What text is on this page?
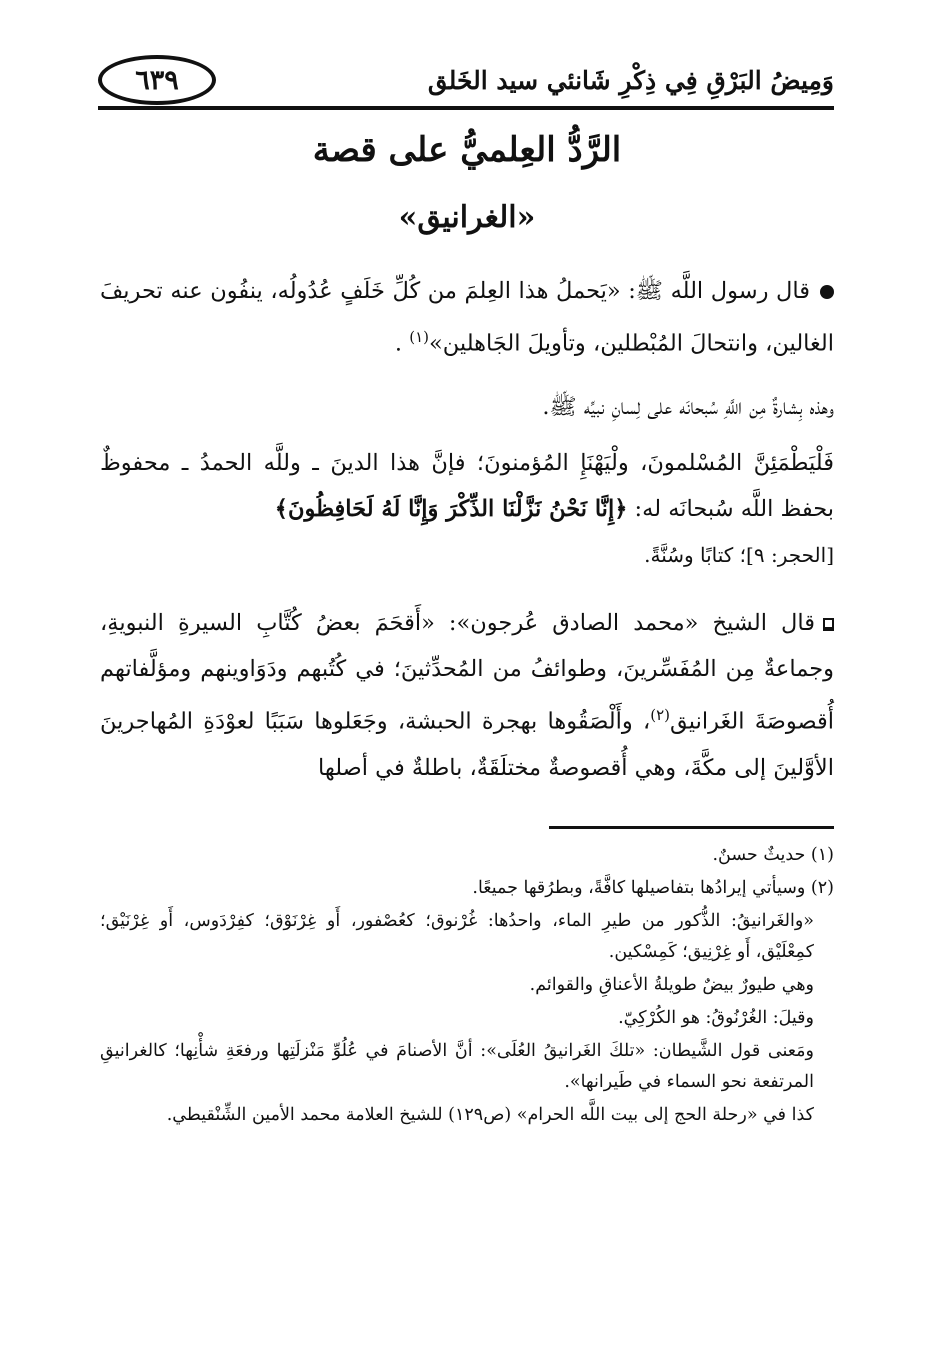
وَمِيضُ البَرْقِ فِي ذِكْرِ شَانئي سيد الخَلق
٦٣٩
الرَّدُّ العِلميُّ على قصة
«الغرانيق»
قال رسول اللَّه ﷺ: «يَحملُ هذا العِلمَ من كُلِّ خَلَفٍ عُدُولُه، ينفُون عنه تحريفَ الغالين، وانتحالَ المُبْطلين، وتأويلَ الجَاهلين»$^{(١)}$ .
وهذه بِشارةٌ مِن اللَّهِ سُبحانَه على لِسانِ نبيِّه ﷺ.
فَلْيَطْمَئِنَّ المُسْلمونَ، ولْيَهْنَإِ المُؤمنونَ؛ فإنَّ هذا الدينَ ـ وللَّه الحمدُ ـ محفوظٌ بحفظ اللَّه سُبحانَه له: ﴿إِنَّا نَحْنُ نَزَّلْنَا الذِّكْرَ وَإِنَّا لَهُ لَحَافِظُونَ﴾
[الحجر: ٩]؛ كتابًا وسُنَّةً.
قال الشيخ «محمد الصادق عُرجون»: «أَقحَمَ بعضُ كُتَّابِ السيرةِ النبويةِ، وجماعةٌ مِن المُفَسِّرينَ، وطوائفُ من المُحدِّثينَ؛ في كُتُبهم ودَوَاوينهم ومؤلَّفاتهم أُقصوصَةَ الغَرانيق$^{(٢)}$، وأَلْصَقُوها بهجرة الحبشة، وجَعَلوها سَبَبًا لعوْدَةِ المُهاجرينَ الأوَّلينَ إلى مكَّةَ، وهي أُقصوصةٌ مختلَقَةٌ، باطلةٌ في أصلها

(١) حديثٌ حسنٌ.

(٢) وسيأتي إيرادُها بتفاصيلها كافَّةً، وبطرُقها جميعًا.

«والغَرانيقُ: الذُّكور من طيرِ الماء، واحدُها: غُرْنوق؛ كعُصْفور، أَو غِرْنَوْق؛ كفِرْدَوس، أَو غِرْنَيْق؛ كمِعْلَيْق، أَو غِرْنِيق؛ كَمِسْكين.

وهي طيورٌ بيضٌ طويلةُ الأعناقِ والقوائم.

وقيلَ: الغُرْنُوقُ: هو الكُرْكِيّ.

ومَعنى قول الشَّيطان: «تلكَ الغَرانيقُ العُلَى»: أنَّ الأصنامَ في عُلُوِّ مَنْزلَتِها ورفعَةِ شأْنِها؛ كالغرانيقِ المرتفعة نحو السماء في طَيرانها».

كذا في «رحلة الحج إلى بيت اللَّه الحرام» (ص١٢٩) للشيخ العلامة محمد الأمين الشِّنْقيطي.
